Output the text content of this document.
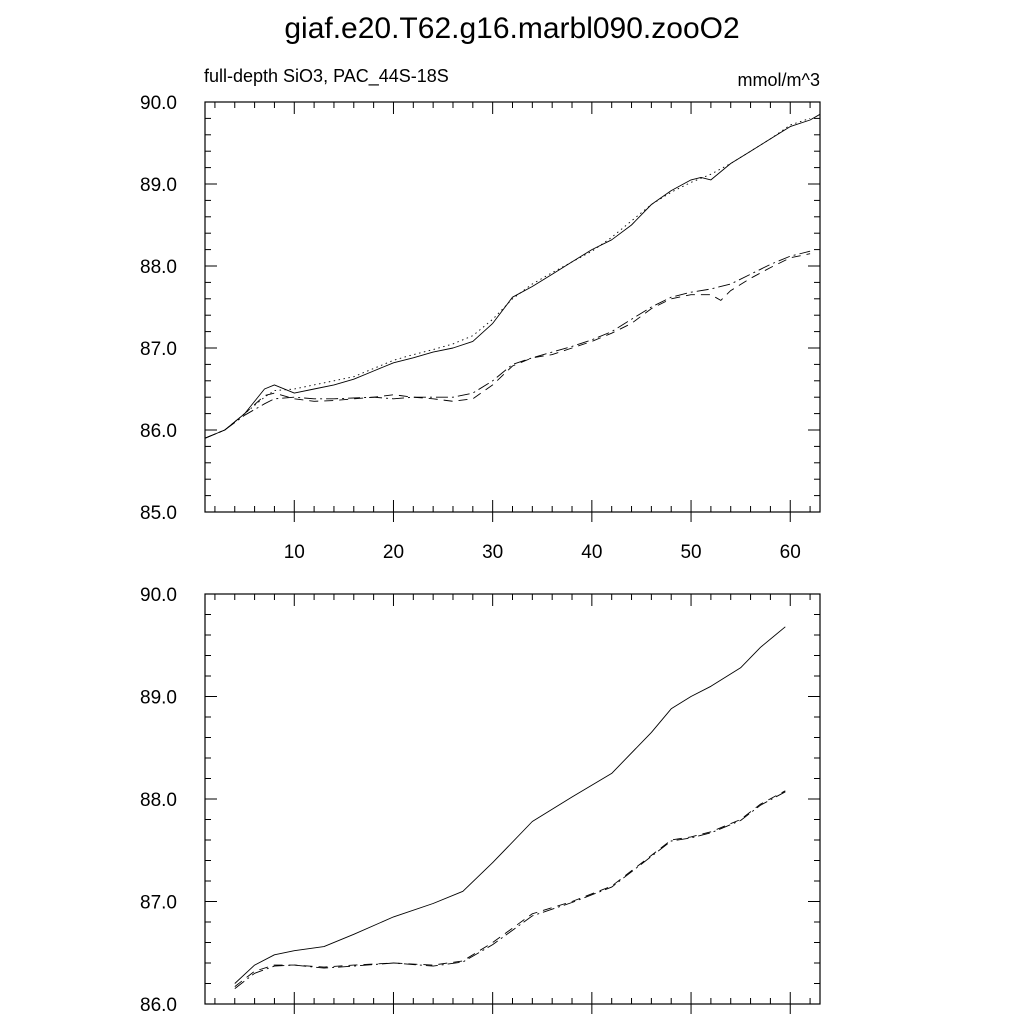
giaf.e20.T62.g16.marbl090.zooO2
full-depth SiO3, PAC_44S-18S	mmol/m^3
10	20	30	40	50	60
85.0
86.0
87.0
88.0
89.0
90.0
86.0
87.0
88.0
89.0
90.0
